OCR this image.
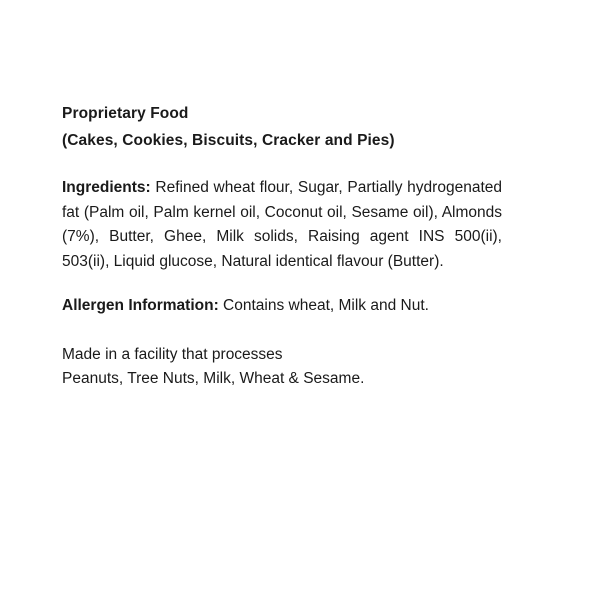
Proprietary Food
(Cakes, Cookies, Biscuits, Cracker and Pies)

Ingredients: Refined wheat flour, Sugar, Partially hydrogenated fat (Palm oil, Palm kernel oil, Coconut oil, Sesame oil), Almonds (7%), Butter, Ghee, Milk solids, Raising agent INS 500(ii), 503(ii), Liquid glucose, Natural identical flavour (Butter).

Allergen Information: Contains wheat, Milk and Nut.

Made in a facility that processes
Peanuts, Tree Nuts, Milk, Wheat & Sesame.
